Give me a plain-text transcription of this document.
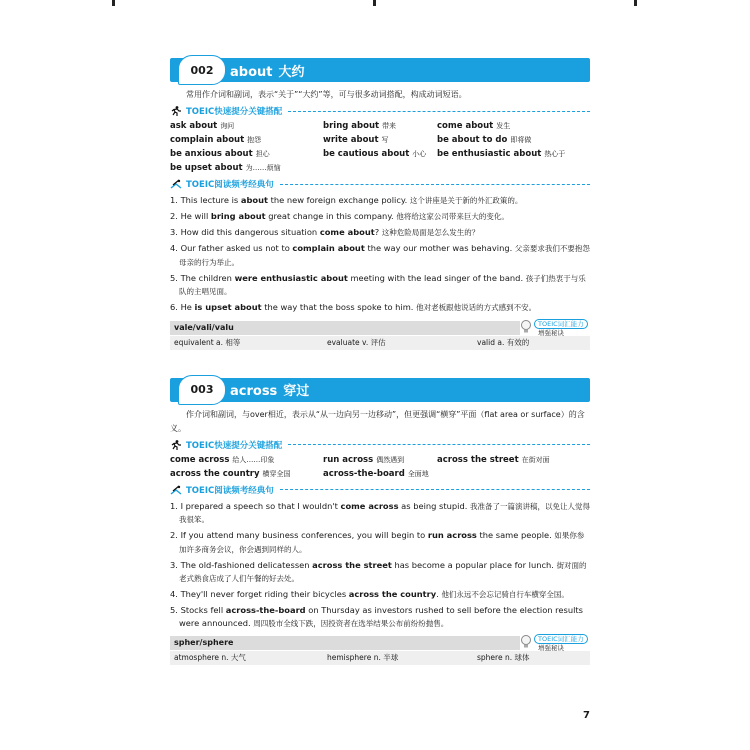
002	about 大约

常用作介词和副词，表示“关于”“大约”等，可与很多动词搭配，构成动词短语。

TOEIC快速提分关键搭配
ask about 询问	bring about 带来	come about 发生
complain about 抱怨	write about 写	be about to do 即将做
be anxious about 担心	be cautious about 小心	be enthusiastic about 热心于
be upset about 为……烦恼
TOEIC阅读频考经典句
1. This lecture is about the new foreign exchange policy. 这个讲座是关于新的外汇政策的。
2. He will bring about great change in this company. 他将给这家公司带来巨大的变化。
3. How did this dangerous situation come about? 这种危险局面是怎么发生的？
4. Our father asked us not to complain about the way our mother was behaving. 父亲要求我们不要抱怨母亲的行为举止。
5. The children were enthusiastic about meeting with the lead singer of the band. 孩子们热衷于与乐队的主唱见面。
6. He is upset about the way that the boss spoke to him. 他对老板跟他说话的方式感到不安。
TOEIC词汇能力
增强秘诀
vale/vali/valu
equivalent a. 相等	evaluate v. 评估	valid a. 有效的
003	across 穿过

作介词和副词，与over相近，表示从“从一边向另一边移动”，但更强调“横穿”平面（flat area or surface）的含义。

TOEIC快速提分关键搭配
come across 给人……印象	run across 偶然遇到	across the street 在街对面
across the country 横穿全国	across-the-board 全面地
TOEIC阅读频考经典句
1. I prepared a speech so that I wouldn't come across as being stupid. 我准备了一篇演讲稿，以免让人觉得我很笨。
2. If you attend many business conferences, you will begin to run across the same people. 如果你参加许多商务会议，你会遇到同样的人。
3. The old-fashioned delicatessen across the street has become a popular place for lunch. 街对面的老式熟食店成了人们午餐的好去处。
4. They'll never forget riding their bicycles across the country. 他们永远不会忘记骑自行车横穿全国。
5. Stocks fell across-the-board on Thursday as investors rushed to sell before the election results were announced. 周四股市全线下跌，因投资者在选举结果公布前纷纷抛售。
TOEIC词汇能力
增强秘诀
spher/sphere
atmosphere n. 大气	hemisphere n. 半球	sphere n. 球体
7
